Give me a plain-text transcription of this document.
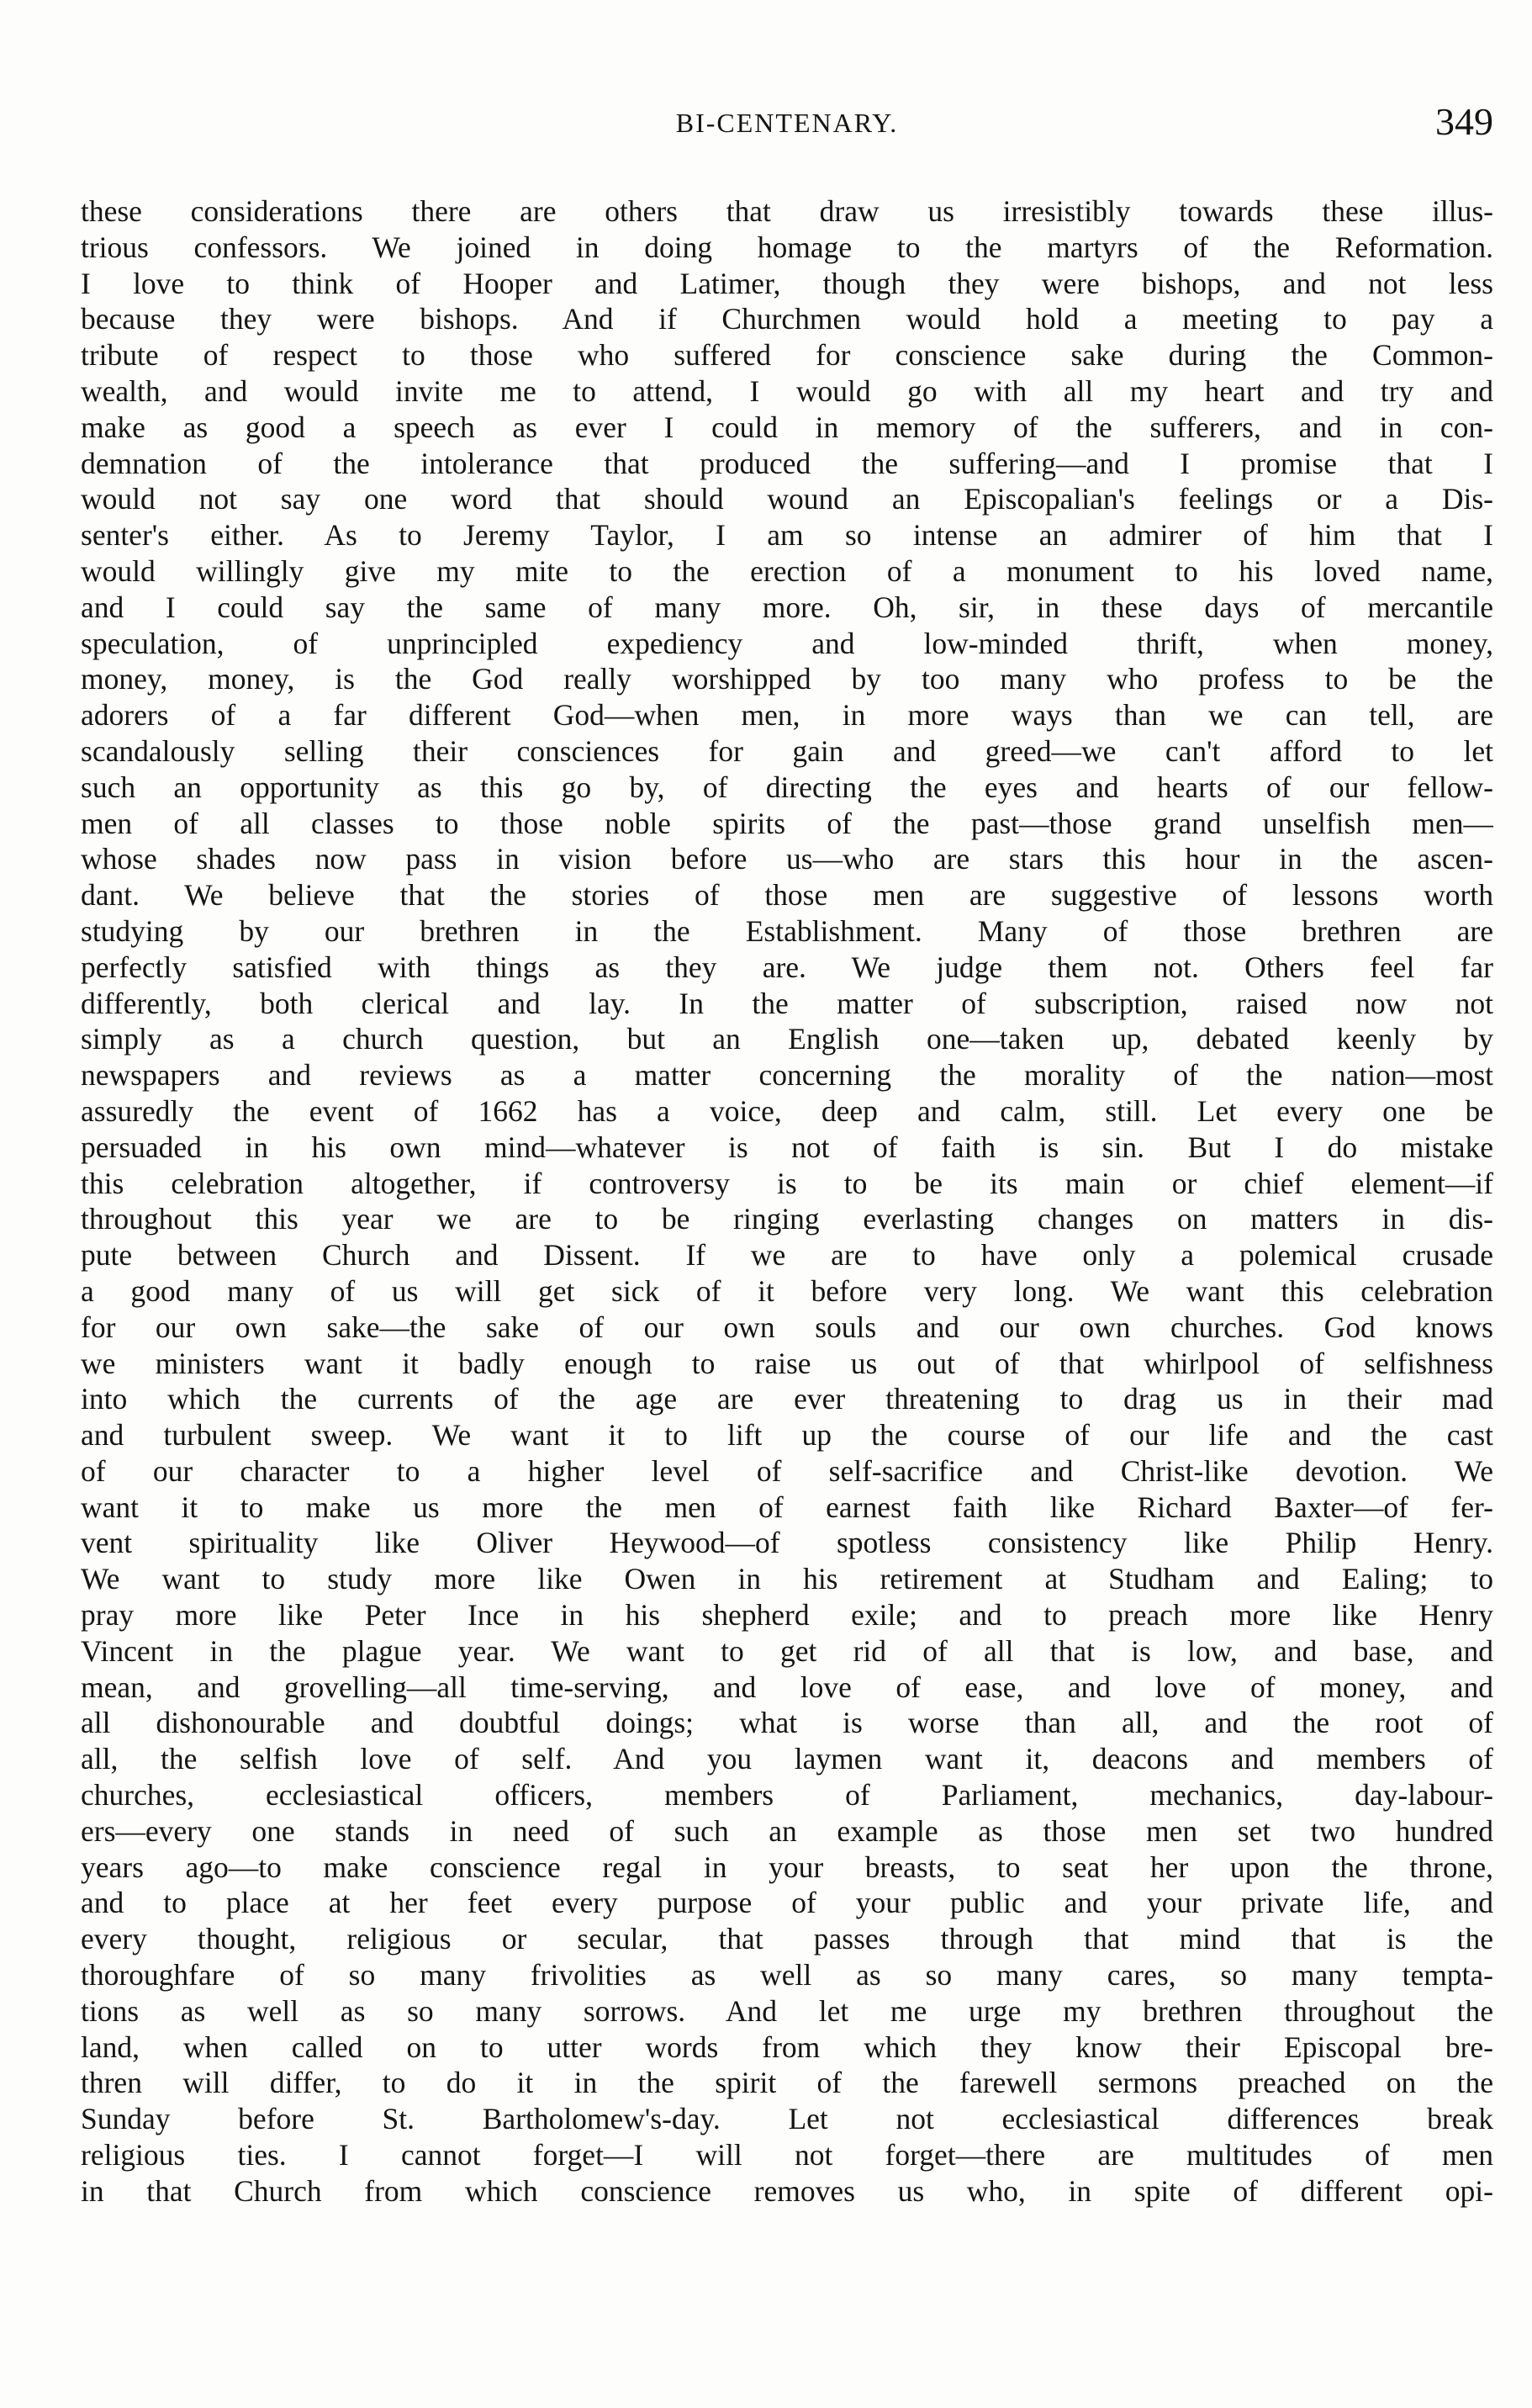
BI-CENTENARY.	349
these considerations there are others that draw us irresistibly towards these illus-
trious confessors. We joined in doing homage to the martyrs of the Reformation.
I love to think of Hooper and Latimer, though they were bishops, and not less
because they were bishops. And if Churchmen would hold a meeting to pay a
tribute of respect to those who suffered for conscience sake during the Common-
wealth, and would invite me to attend, I would go with all my heart and try and
make as good a speech as ever I could in memory of the sufferers, and in con-
demnation of the intolerance that produced the suffering—and I promise that I
would not say one word that should wound an Episcopalian's feelings or a Dis-
senter's either. As to Jeremy Taylor, I am so intense an admirer of him that I
would willingly give my mite to the erection of a monument to his loved name,
and I could say the same of many more. Oh, sir, in these days of mercantile
speculation, of unprincipled expediency and low-minded thrift, when money,
money, money, is the God really worshipped by too many who profess to be the
adorers of a far different God—when men, in more ways than we can tell, are
scandalously selling their consciences for gain and greed—we can't afford to let
such an opportunity as this go by, of directing the eyes and hearts of our fellow-
men of all classes to those noble spirits of the past—those grand unselfish men—
whose shades now pass in vision before us—who are stars this hour in the ascen-
dant. We believe that the stories of those men are suggestive of lessons worth
studying by our brethren in the Establishment. Many of those brethren are
perfectly satisfied with things as they are. We judge them not. Others feel far
differently, both clerical and lay. In the matter of subscription, raised now not
simply as a church question, but an English one—taken up, debated keenly by
newspapers and reviews as a matter concerning the morality of the nation—most
assuredly the event of 1662 has a voice, deep and calm, still. Let every one be
persuaded in his own mind—whatever is not of faith is sin. But I do mistake
this celebration altogether, if controversy is to be its main or chief element—if
throughout this year we are to be ringing everlasting changes on matters in dis-
pute between Church and Dissent. If we are to have only a polemical crusade
a good many of us will get sick of it before very long. We want this celebration
for our own sake—the sake of our own souls and our own churches. God knows
we ministers want it badly enough to raise us out of that whirlpool of selfishness
into which the currents of the age are ever threatening to drag us in their mad
and turbulent sweep. We want it to lift up the course of our life and the cast
of our character to a higher level of self-sacrifice and Christ-like devotion. We
want it to make us more the men of earnest faith like Richard Baxter—of fer-
vent spirituality like Oliver Heywood—of spotless consistency like Philip Henry.
We want to study more like Owen in his retirement at Studham and Ealing; to
pray more like Peter Ince in his shepherd exile; and to preach more like Henry
Vincent in the plague year. We want to get rid of all that is low, and base, and
mean, and grovelling—all time-serving, and love of ease, and love of money, and
all dishonourable and doubtful doings; what is worse than all, and the root of
all, the selfish love of self. And you laymen want it, deacons and members of
churches, ecclesiastical officers, members of Parliament, mechanics, day-labour-
ers—every one stands in need of such an example as those men set two hundred
years ago—to make conscience regal in your breasts, to seat her upon the throne,
and to place at her feet every purpose of your public and your private life, and
every thought, religious or secular, that passes through that mind that is the
thoroughfare of so many frivolities as well as so many cares, so many tempta-
tions as well as so many sorrows. And let me urge my brethren throughout the
land, when called on to utter words from which they know their Episcopal bre-
thren will differ, to do it in the spirit of the farewell sermons preached on the
Sunday before St. Bartholomew's-day. Let not ecclesiastical differences break
religious ties. I cannot forget—I will not forget—there are multitudes of men
in that Church from which conscience removes us who, in spite of different opi-
